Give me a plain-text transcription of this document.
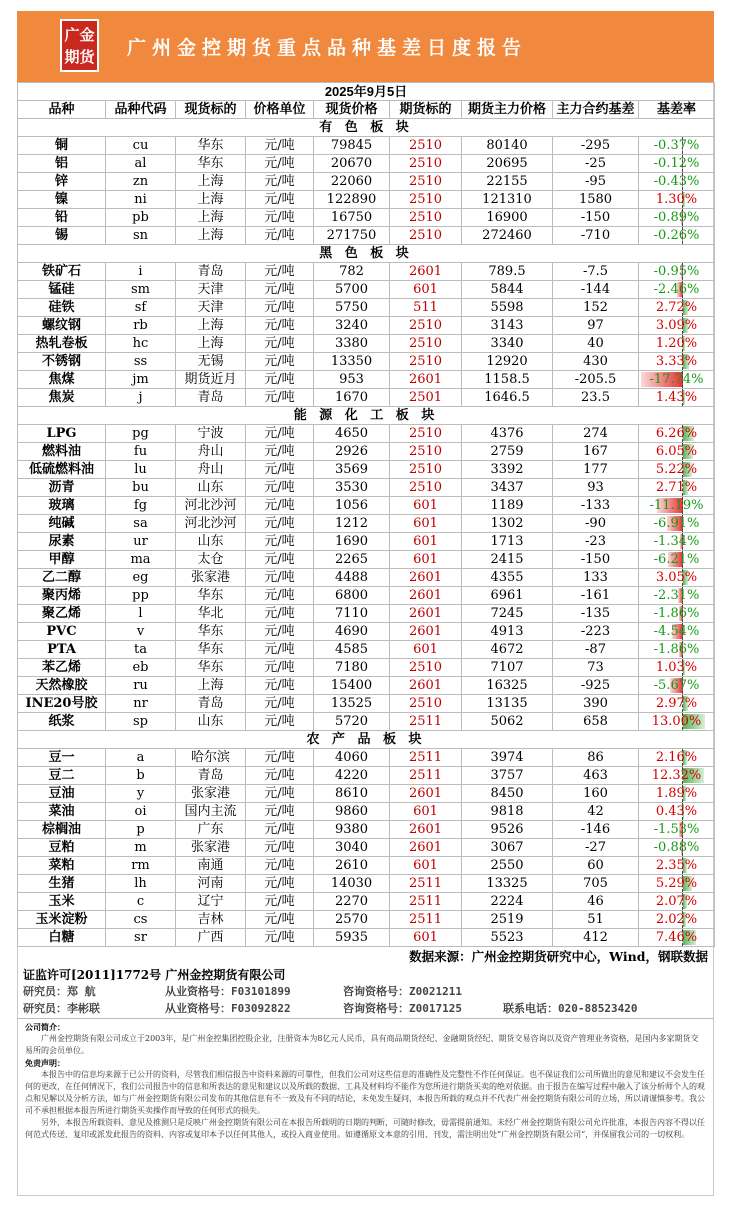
广金
期货 广州金控期货重点品种基差日度报告
2025年9月5日								
品种	品种代码	现货标的	价格单位	现货价格	期货标的	期货主力价格	主力合约基差	基差率
有 色 板 块								
铜	cu	华东	元/吨	79845	2510	80140	-295	-0.37%
铝	al	华东	元/吨	20670	2510	20695	-25	-0.12%
锌	zn	上海	元/吨	22060	2510	22155	-95	-0.43%
镍	ni	上海	元/吨	122890	2510	121310	1580	1.30%
铅	pb	上海	元/吨	16750	2510	16900	-150	-0.89%
锡	sn	上海	元/吨	271750	2510	272460	-710	-0.26%
黑 色 板 块								
铁矿石	i	青岛	元/吨	782	2601	789.5	-7.5	-0.95%
锰硅	sm	天津	元/吨	5700	601	5844	-144	-2.46%
硅铁	sf	天津	元/吨	5750	511	5598	152	2.72%
螺纹钢	rb	上海	元/吨	3240	2510	3143	97	3.09%
热轧卷板	hc	上海	元/吨	3380	2510	3340	40	1.20%
不锈钢	ss	无锡	元/吨	13350	2510	12920	430	3.33%
焦煤	jm	期货近月	元/吨	953	2601	1158.5	-205.5	-17.74%
焦炭	j	青岛	元/吨	1670	2501	1646.5	23.5	1.43%
能 源 化 工 板 块								
LPG	pg	宁波	元/吨	4650	2510	4376	274	6.26%
燃料油	fu	舟山	元/吨	2926	2510	2759	167	6.05%
低硫燃料油	lu	舟山	元/吨	3569	2510	3392	177	5.22%
沥青	bu	山东	元/吨	3530	2510	3437	93	2.71%
玻璃	fg	河北沙河	元/吨	1056	601	1189	-133	-11.19%
纯碱	sa	河北沙河	元/吨	1212	601	1302	-90	-6.91%
尿素	ur	山东	元/吨	1690	601	1713	-23	-1.34%
甲醇	ma	太仓	元/吨	2265	601	2415	-150	-6.21%
乙二醇	eg	张家港	元/吨	4488	2601	4355	133	3.05%
聚丙烯	pp	华东	元/吨	6800	2601	6961	-161	-2.31%
聚乙烯	l	华北	元/吨	7110	2601	7245	-135	-1.86%
PVC	v	华东	元/吨	4690	2601	4913	-223	-4.54%
PTA	ta	华东	元/吨	4585	601	4672	-87	-1.86%
苯乙烯	eb	华东	元/吨	7180	2510	7107	73	1.03%
天然橡胶	ru	上海	元/吨	15400	2601	16325	-925	-5.67%
INE20号胶	nr	青岛	元/吨	13525	2510	13135	390	2.97%
纸浆	sp	山东	元/吨	5720	2511	5062	658	13.00%
农 产 品 板 块								
豆一	a	哈尔滨	元/吨	4060	2511	3974	86	2.16%
豆二	b	青岛	元/吨	4220	2511	3757	463	12.32%
豆油	y	张家港	元/吨	8610	2601	8450	160	1.89%
菜油	oi	国内主流	元/吨	9860	601	9818	42	0.43%
棕榈油	p	广东	元/吨	9380	2601	9526	-146	-1.53%
豆粕	m	张家港	元/吨	3040	2601	3067	-27	-0.88%
菜粕	rm	南通	元/吨	2610	601	2550	60	2.35%
生猪	lh	河南	元/吨	14030	2511	13325	705	5.29%
玉米	c	辽宁	元/吨	2270	2511	2224	46	2.07%
玉米淀粉	cs	吉林	元/吨	2570	2511	2519	51	2.02%
白糖	sr	广西	元/吨	5935	601	5523	412	7.46%
数据来源：广州金控期货研究中心，Wind，钢联数据
证监许可[2011]1772号 广州金控期货有限公司
研究员：郑 航	从业资格号：F03101899	咨询资格号：Z0021211
研究员：李彬联	从业资格号：F03092822	咨询资格号：Z0017125	联系电话：020-88523420
公司简介：

广州金控期货有限公司成立于2003年，是广州金控集团控股企业，注册资本为8亿元人民币，具有商品期货经纪、金融期货经纪、期货交易咨询以及资产管理业务资格，是国内多家期货交易所的会员单位。

免责声明：

本报告中的信息均来源于已公开的资料，尽管我们相信报告中资料来源的可靠性，但我们公司对这些信息的准确性及完整性不作任何保证。也不保证我们公司所做出的意见和建议不会发生任何的更改，在任何情况下，我们公司报告中的信息和所表达的意见和建议以及所载的数据、工具及材料均不能作为您所进行期货买卖的绝对依据。由于报告在编写过程中融入了该分析师个人的观点和见解以及分析方法，如与广州金控期货有限公司发布的其他信息有不一致及有不同的结论，未免发生疑问，本报告所载的观点并不代表广州金控期货有限公司的立场，所以请谨慎参考。我公司不承担根据本报告所进行期货买卖操作而导致的任何形式的损失。

另外，本报告所载资料、意见及推测只是反映广州金控期货有限公司在本报告所载明的日期的判断，可随时修改，毋需提前通知。未经广州金控期货有限公司允许批准，本报告内容不得以任何范式传送、复印或派发此报告的资料、内容或复印本予以任何其他人，或投入商业使用。如遵循原文本意的引用、刊发，需注明出处“广州金控期货有限公司”，并保留我公司的一切权利。
